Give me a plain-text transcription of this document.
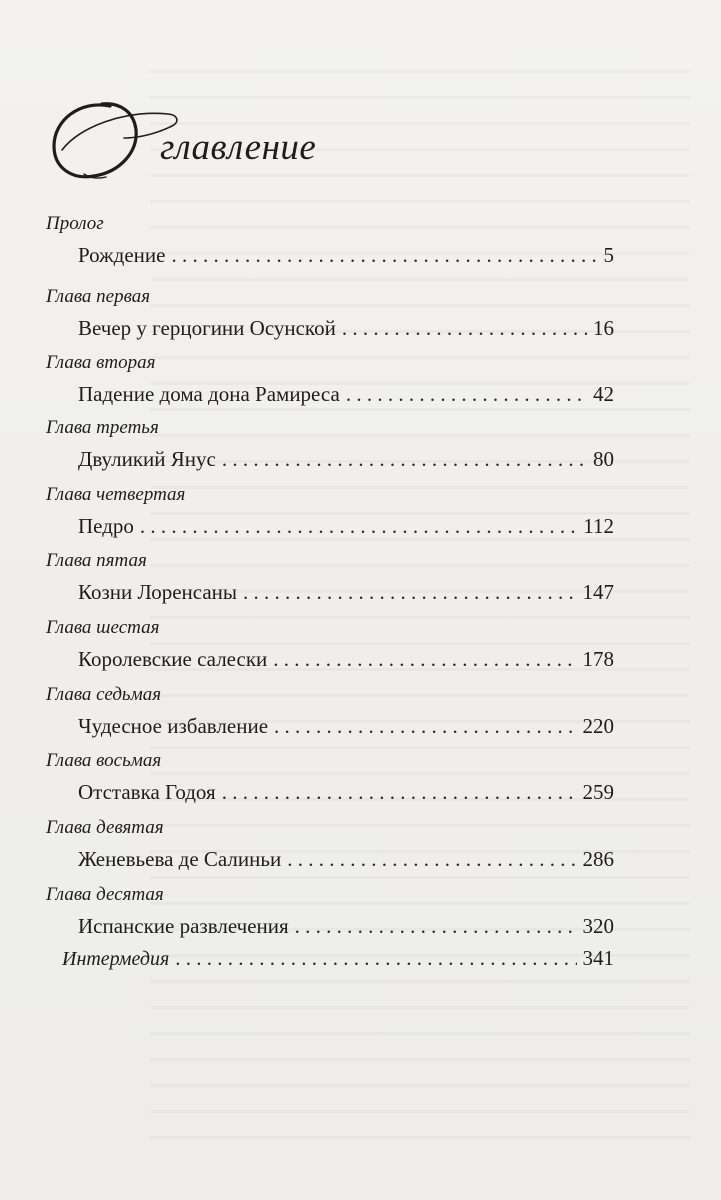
главление
Пролог
Рождение . . .	5
Глава первая
Вечер у герцогини Осунской . . .	16
Глава вторая
Падение дома дона Рамиреса . . .	42
Глава третья
Двуликий Янус . . .	80
Глава четвертая
Педро . . .	112
Глава пятая
Козни Лоренсаны . . .	147
Глава шестая
Королевские салески . . .	178
Глава седьмая
Чудесное избавление . . .	220
Глава восьмая
Отставка Годоя . . .	259
Глава девятая
Женевьева де Салиньи . . .	286
Глава десятая
Испанские развлечения . . .	320
Интермедия . . .	341
